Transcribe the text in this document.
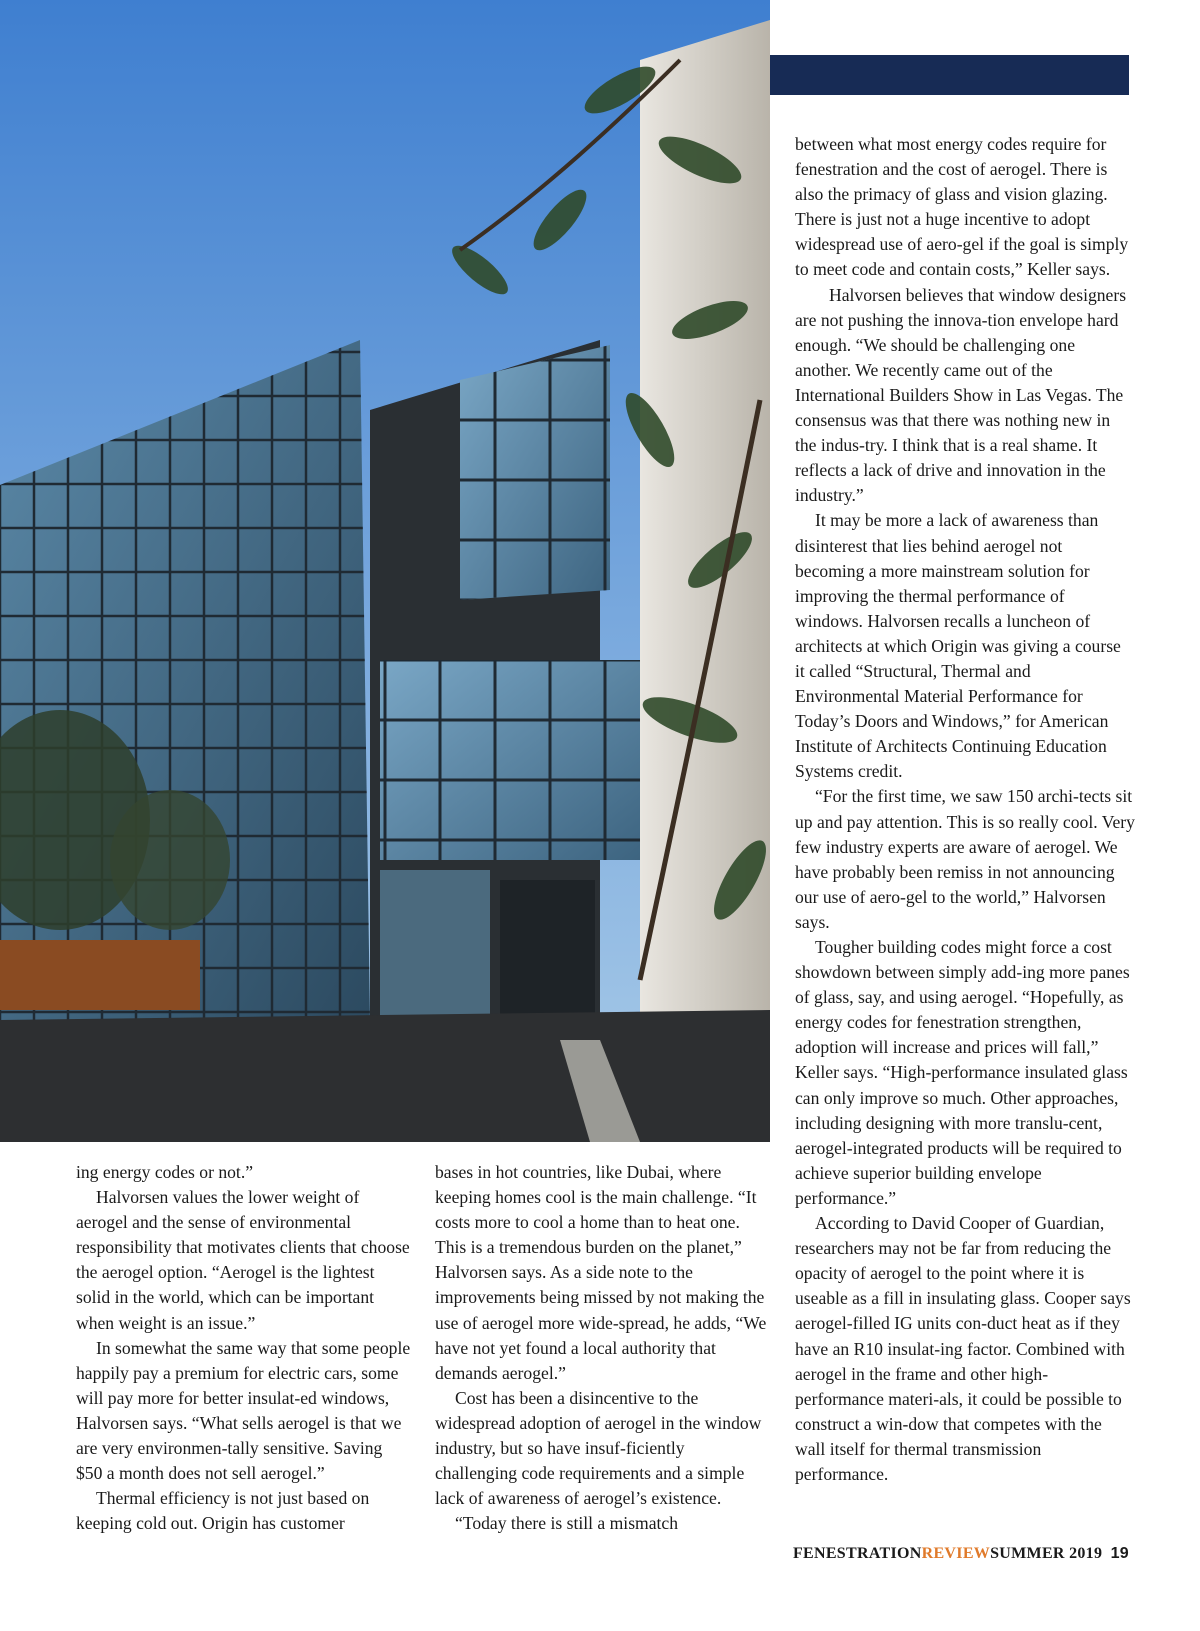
between what most energy codes require for fenestration and the cost of aerogel. There is also the primacy of glass and vision glazing. There is just not a huge incentive to adopt widespread use of aero-gel if the goal is simply to meet code and contain costs,” Keller says.

Halvorsen believes that window designers are not pushing the innova-tion envelope hard enough. “We should be challenging one another. We recently came out of the International Builders Show in Las Vegas. The consensus was that there was nothing new in the indus-try. I think that is a real shame. It reflects a lack of drive and innovation in the industry.”

It may be more a lack of awareness than disinterest that lies behind aerogel not becoming a more mainstream solution for improving the thermal performance of windows. Halvorsen recalls a luncheon of architects at which Origin was giving a course it called “Structural, Thermal and Environmental Material Performance for Today’s Doors and Windows,” for American Institute of Architects Continuing Education Systems credit.

“For the first time, we saw 150 archi-tects sit up and pay attention. This is so really cool. Very few industry experts are aware of aerogel. We have probably been remiss in not announcing our use of aero-gel to the world,” Halvorsen says.

Tougher building codes might force a cost showdown between simply add-ing more panes of glass, say, and using aerogel. “Hopefully, as energy codes for fenestration strengthen, adoption will increase and prices will fall,” Keller says. “High-performance insulated glass can only improve so much. Other approaches, including designing with more translu-cent, aerogel-integrated products will be required to achieve superior building envelope performance.”

According to David Cooper of Guardian, researchers may not be far from reducing the opacity of aerogel to the point where it is useable as a fill in insulating glass. Cooper says aerogel-filled IG units con-duct heat as if they have an R10 insulat-ing factor. Combined with aerogel in the frame and other high-performance materi-als, it could be possible to construct a win-dow that competes with the wall itself for thermal transmission performance.

ing energy codes or not.”

Halvorsen values the lower weight of aerogel and the sense of environmental responsibility that motivates clients that choose the aerogel option. “Aerogel is the lightest solid in the world, which can be important when weight is an issue.”

In somewhat the same way that some people happily pay a premium for electric cars, some will pay more for better insulat-ed windows, Halvorsen says. “What sells aerogel is that we are very environmen-tally sensitive. Saving $50 a month does not sell aerogel.”

Thermal efficiency is not just based on keeping cold out. Origin has customer

bases in hot countries, like Dubai, where keeping homes cool is the main challenge. “It costs more to cool a home than to heat one. This is a tremendous burden on the planet,” Halvorsen says. As a side note to the improvements being missed by not making the use of aerogel more wide-spread, he adds, “We have not yet found a local authority that demands aerogel.”

Cost has been a disincentive to the widespread adoption of aerogel in the window industry, but so have insuf-ficiently challenging code requirements and a simple lack of awareness of aerogel’s existence.

“Today there is still a mismatch

FENESTRATIONREVIEWSUMMER 2019 19
